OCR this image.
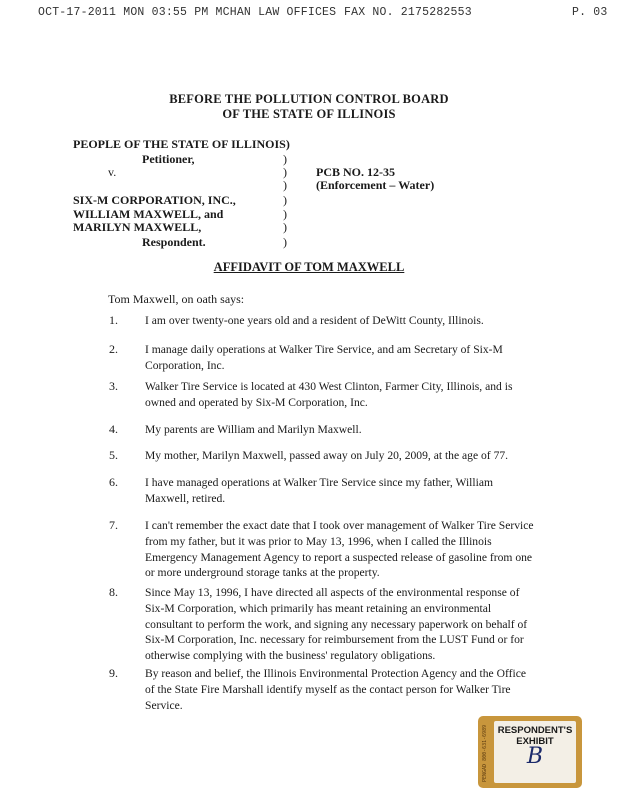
OCT-17-2011 MON 03:55 PM MCHAN LAW OFFICES FAX NO. 2175282553	P. 03
BEFORE THE POLLUTION CONTROL BOARD
OF THE STATE OF ILLINOIS
PEOPLE OF THE STATE OF ILLINOIS)
Petitioner,
v.
SIX-M CORPORATION, INC.,
WILLIAM MAXWELL, and
MARILYN MAXWELL,
Respondent.
)
)
)
)
)
)
)
PCB NO. 12-35
(Enforcement – Water)
AFFIDAVIT OF TOM MAXWELL
Tom Maxwell, on oath says:
1. I am over twenty-one years old and a resident of DeWitt County, Illinois.
2. I manage daily operations at Walker Tire Service, and am Secretary of Six-M Corporation, Inc.
3. Walker Tire Service is located at 430 West Clinton, Farmer City, Illinois, and is owned and operated by Six-M Corporation, Inc.
4. My parents are William and Marilyn Maxwell.
5. My mother, Marilyn Maxwell, passed away on July 20, 2009, at the age of 77.
6. I have managed operations at Walker Tire Service since my father, William Maxwell, retired.
7. I can't remember the exact date that I took over management of Walker Tire Service from my father, but it was prior to May 13, 1996, when I called the Illinois Emergency Management Agency to report a suspected release of gasoline from one or more underground storage tanks at the property.
8. Since May 13, 1996, I have directed all aspects of the environmental response of Six-M Corporation, which primarily has meant retaining an environmental consultant to perform the work, and signing any necessary paperwork on behalf of Six-M Corporation, Inc. necessary for reimbursement from the LUST Fund or for otherwise complying with the business' regulatory obligations.
9. By reason and belief, the Illinois Environmental Protection Agency and the Office of the State Fire Marshall identify myself as the contact person for Walker Tire Service.
PENGAD 800-631-6989	RESPONDENT'S
EXHIBIT
B
